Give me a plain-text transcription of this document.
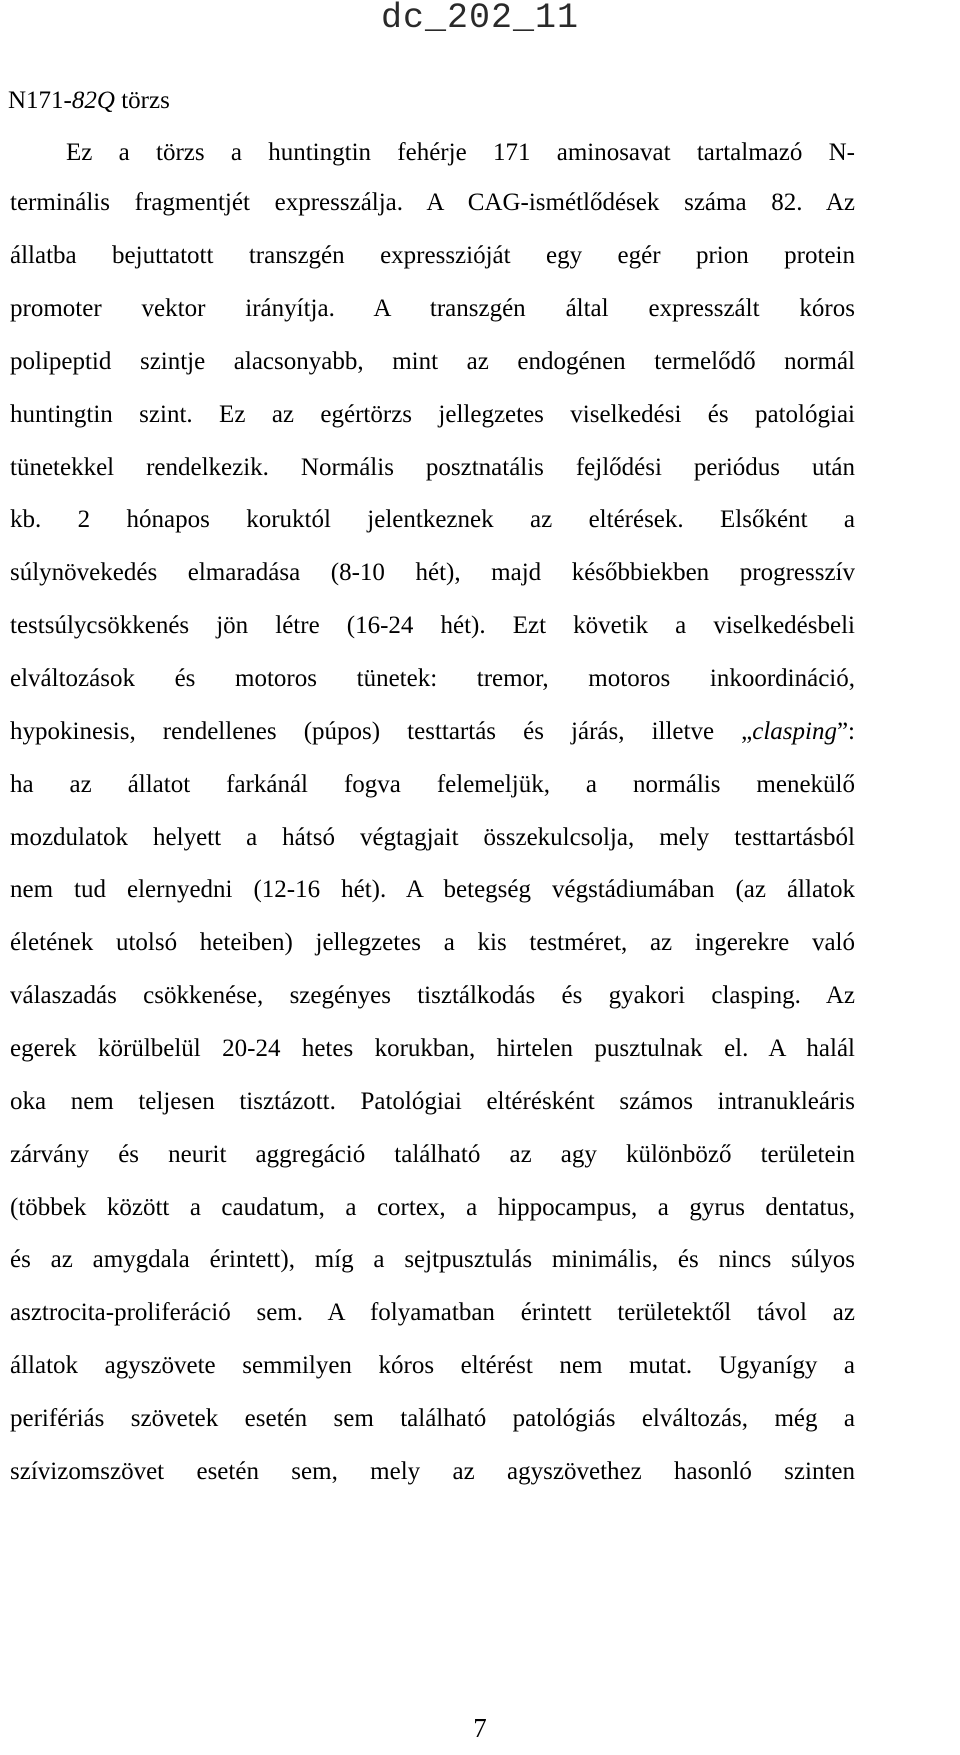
dc_202_11
N171-82Q törzs
Ez a törzs a huntingtin fehérje 171 aminosavat tartalmazó N-
terminális fragmentjét expresszálja. A CAG-ismétlődések száma 82. Az
állatba bejuttatott transzgén expresszióját egy egér prion protein
promoter vektor irányítja. A transzgén által expresszált kóros
polipeptid szintje alacsonyabb, mint az endogénen termelődő normál
huntingtin szint. Ez az egértörzs jellegzetes viselkedési és patológiai
tünetekkel rendelkezik. Normális posztnatális fejlődési periódus után
kb. 2 hónapos koruktól jelentkeznek az eltérések. Elsőként a
súlynövekedés elmaradása (8-10 hét), majd későbbiekben progresszív
testsúlycsökkenés jön létre (16-24 hét). Ezt követik a viselkedésbeli
elváltozások és motoros tünetek: tremor, motoros inkoordináció,
hypokinesis, rendellenes (púpos) testtartás és járás, illetve „clasping”:
ha az állatot farkánál fogva felemeljük, a normális menekülő
mozdulatok helyett a hátsó végtagjait összekulcsolja, mely testtartásból
nem tud elernyedni (12-16 hét). A betegség végstádiumában (az állatok
életének utolsó heteiben) jellegzetes a kis testméret, az ingerekre való
válaszadás csökkenése, szegényes tisztálkodás és gyakori clasping. Az
egerek körülbelül 20-24 hetes korukban, hirtelen pusztulnak el. A halál
oka nem teljesen tisztázott. Patológiai eltérésként számos intranukleáris
zárvány és neurit aggregáció található az agy különböző területein
(többek között a caudatum, a cortex, a hippocampus, a gyrus dentatus,
és az amygdala érintett), míg a sejtpusztulás minimális, és nincs súlyos
asztrocita-proliferáció sem. A folyamatban érintett területektől távol az
állatok agyszövete semmilyen kóros eltérést nem mutat. Ugyanígy a
perifériás szövetek esetén sem található patológiás elváltozás, még a
szívizomszövet esetén sem, mely az agyszövethez hasonló szinten
7
